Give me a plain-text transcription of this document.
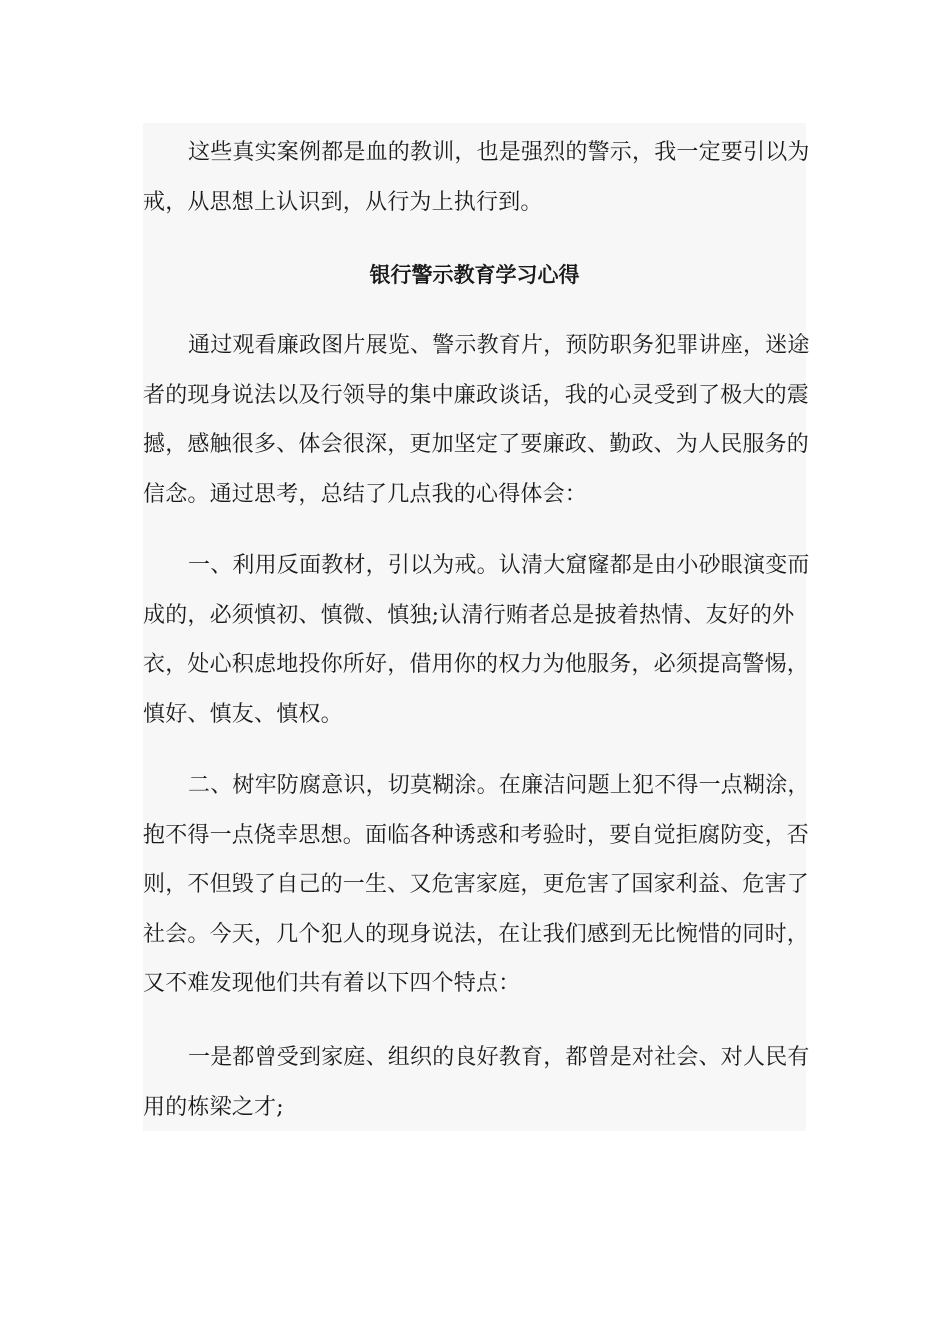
这些真实案例都是血的教训，也是强烈的警示，我一定要引以为戒，从思想上认识到，从行为上执行到。

银行警示教育学习心得

通过观看廉政图片展览、警示教育片，预防职务犯罪讲座，迷途者的现身说法以及行领导的集中廉政谈话，我的心灵受到了极大的震撼，感触很多、体会很深，更加坚定了要廉政、勤政、为人民服务的信念。通过思考，总结了几点我的心得体会：

一、利用反面教材，引以为戒。认清大窟窿都是由小砂眼演变而成的，必须慎初、慎微、慎独;认清行贿者总是披着热情、友好的外衣，处心积虑地投你所好，借用你的权力为他服务，必须提高警惕，慎好、慎友、慎权。

二、树牢防腐意识，切莫糊涂。在廉洁问题上犯不得一点糊涂，抱不得一点侥幸思想。面临各种诱惑和考验时，要自觉拒腐防变，否则，不但毁了自己的一生、又危害家庭，更危害了国家利益、危害了社会。今天，几个犯人的现身说法，在让我们感到无比惋惜的同时，又不难发现他们共有着以下四个特点：

一是都曾受到家庭、组织的良好教育，都曾是对社会、对人民有用的栋梁之才;
